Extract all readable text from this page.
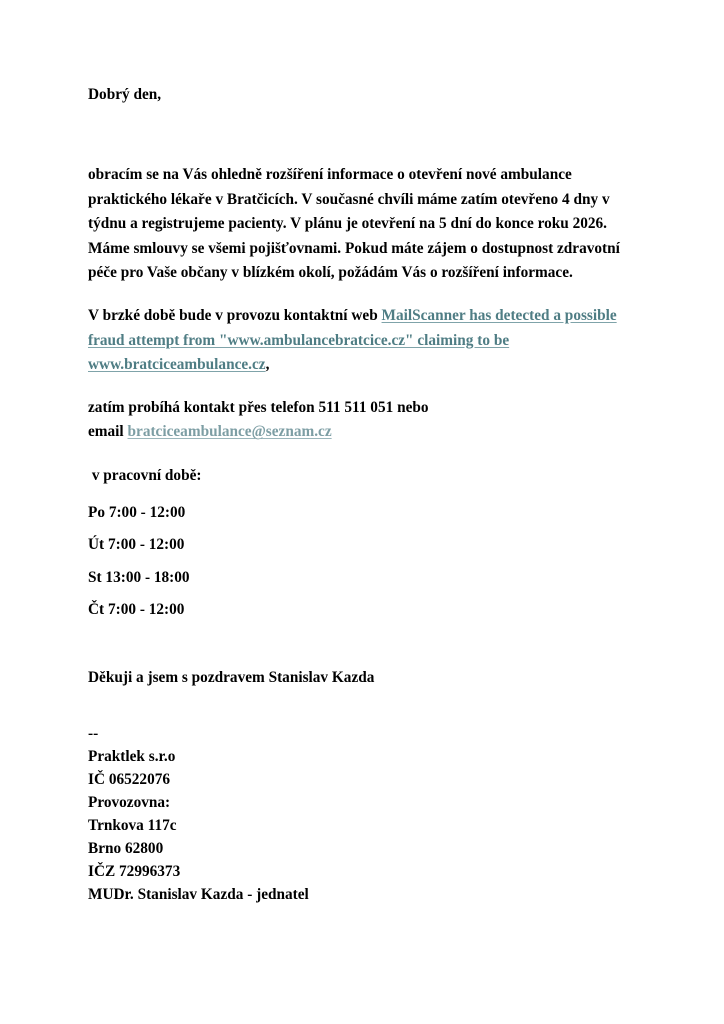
Dobrý den,

obracím se na Vás ohledně rozšíření informace o otevření nové ambulance praktického lékaře v Bratčicích. V současné chvíli máme zatím otevřeno 4 dny v týdnu a registrujeme pacienty. V plánu je otevření na 5 dní do konce roku 2026. Máme smlouvy se všemi pojišťovnami. Pokud máte zájem o dostupnost zdravotní péče pro Vaše občany v blízkém okolí, požádám Vás o rozšíření informace.

V brzké době bude v provozu kontaktní web MailScanner has detected a possible fraud attempt from "www.ambulancebratcice.cz" claiming to be www.bratciceambulance.cz,

zatím probíhá kontakt přes telefon 511 511 051 nebo
email bratciceambulance@seznam.cz

v pracovní době:

Po 7:00 - 12:00
Út 7:00 - 12:00
St 13:00 - 18:00
Čt 7:00 - 12:00

Děkuji a jsem s pozdravem Stanislav Kazda

--

Praktlek s.r.o

IČ 06522076

Provozovna:

Trnkova 117c

Brno 62800

IČZ 72996373

MUDr. Stanislav Kazda - jednatel
